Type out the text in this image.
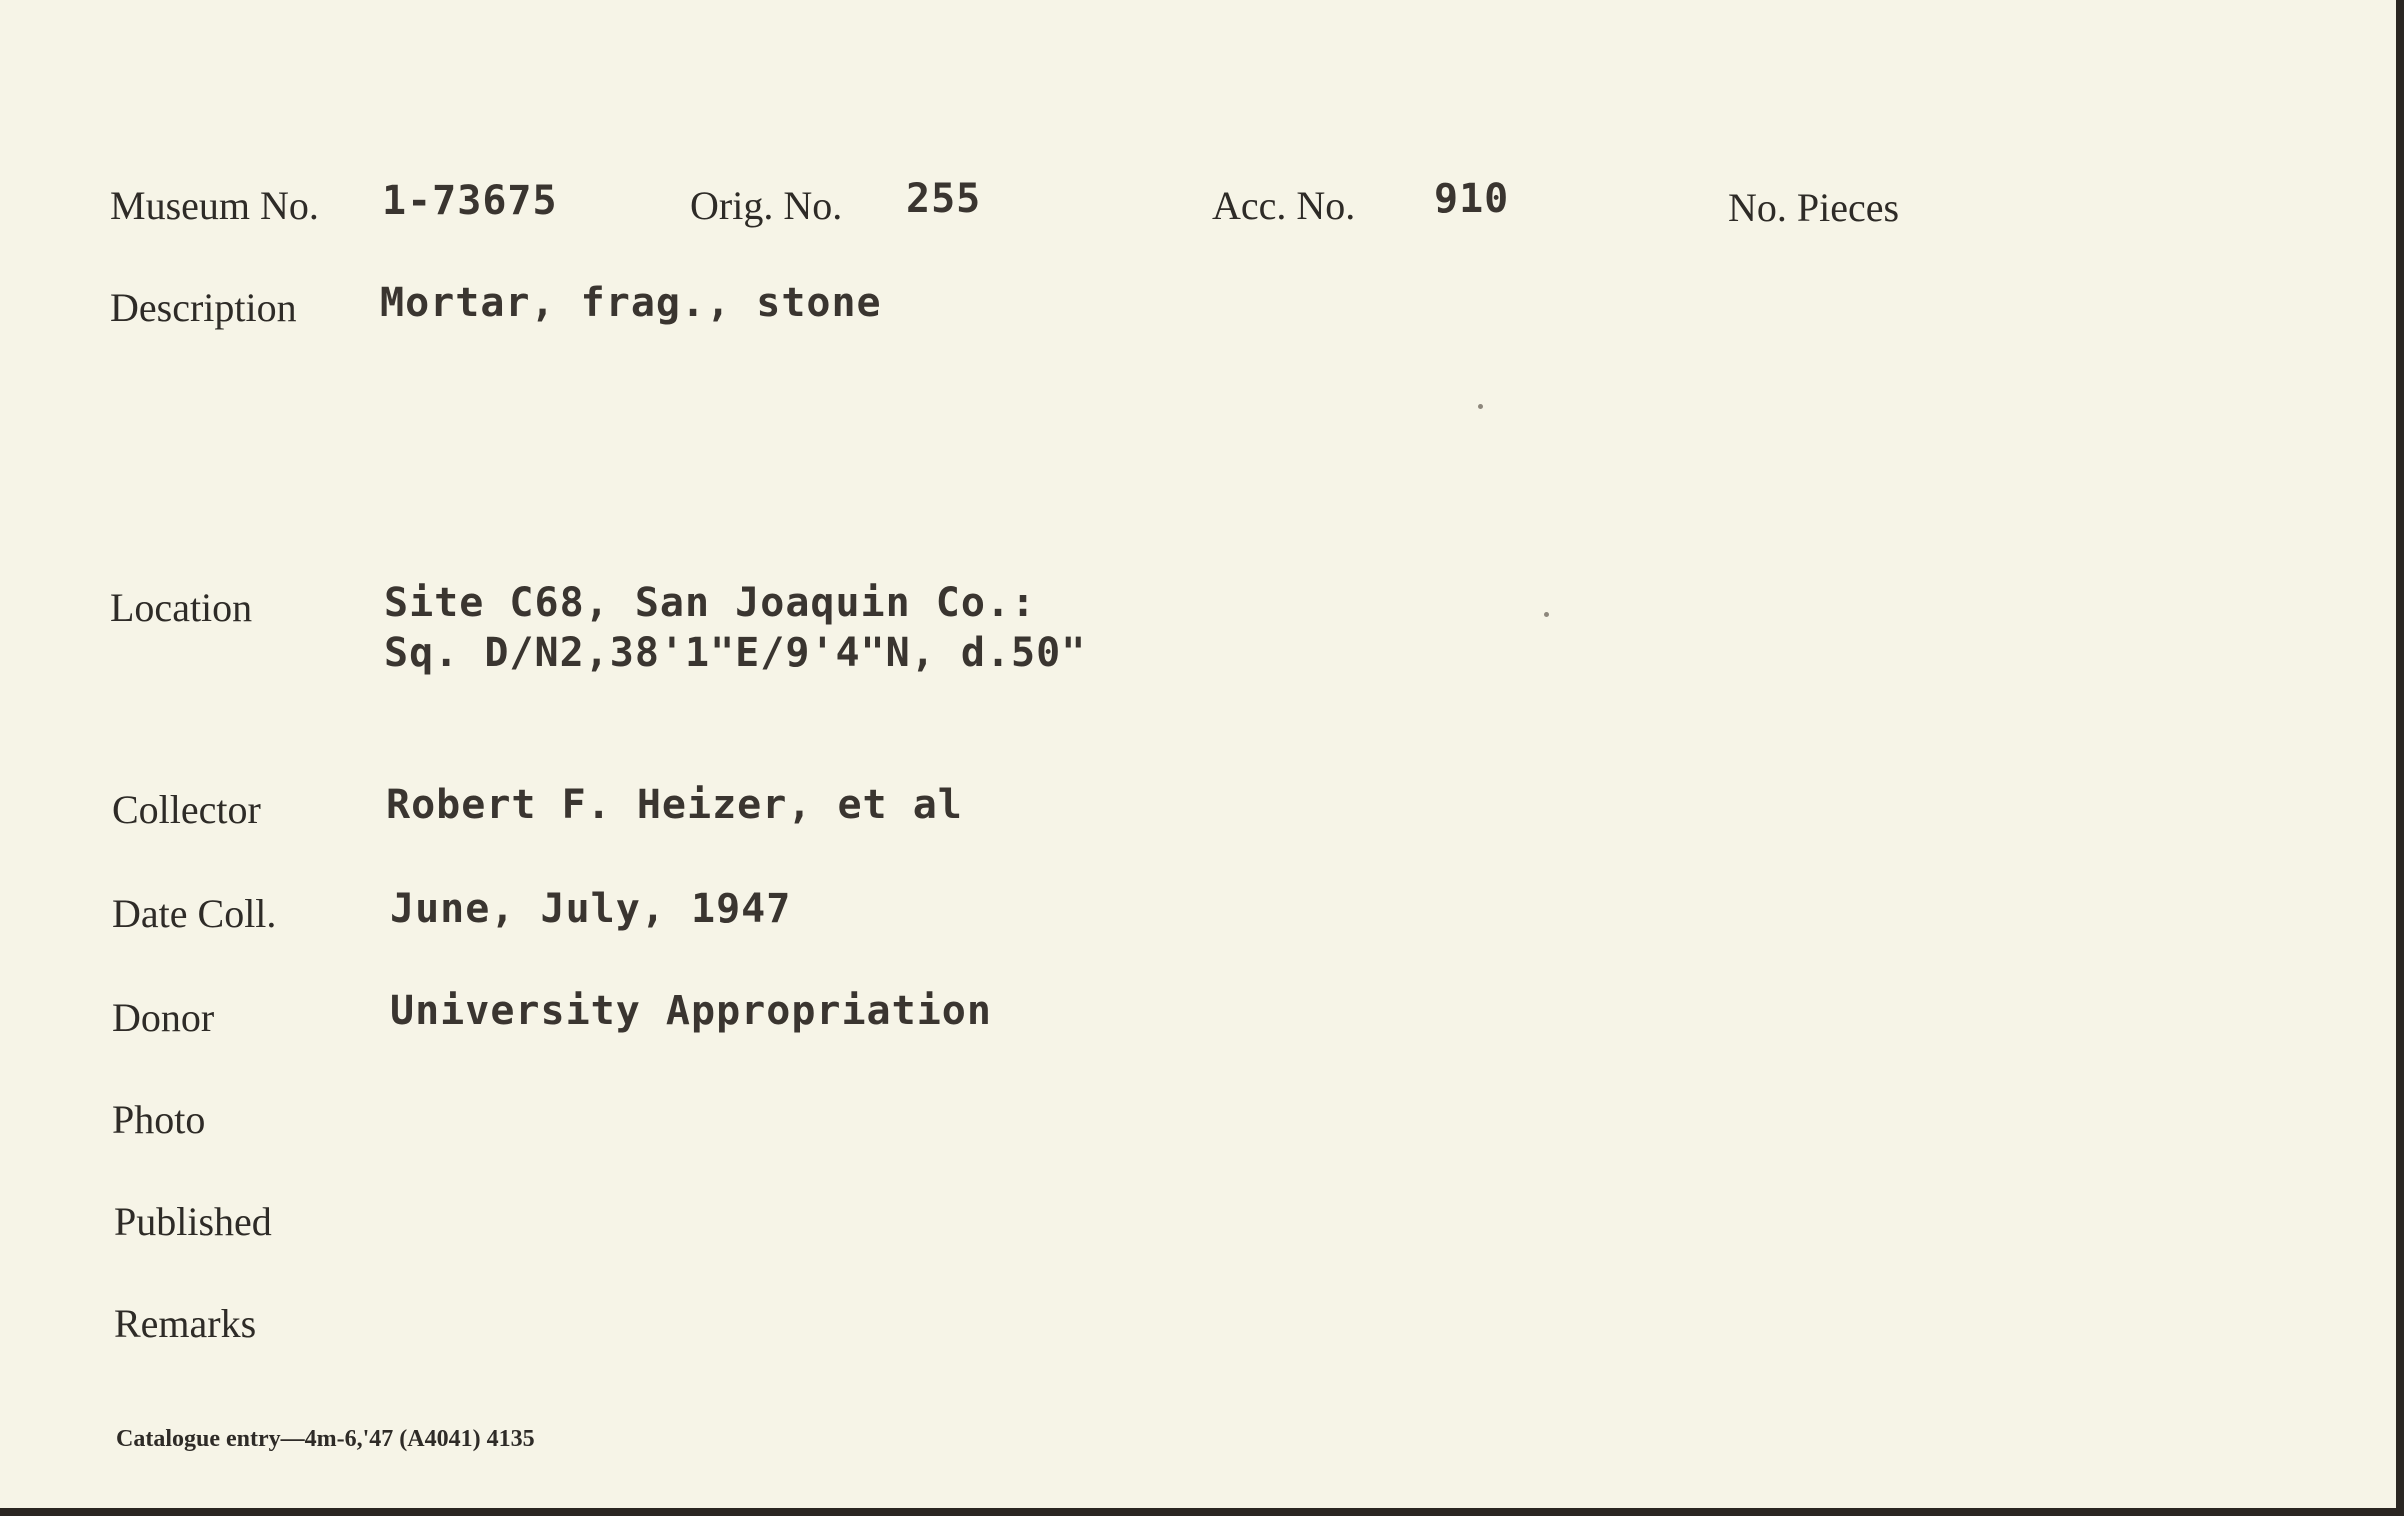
Museum No. 1-73675	Orig. No. 255	Acc. No. 910	No. Pieces
Description Mortar, frag., stone
Location	Site C68, San Joaquin Co.:
Sq. D/N2,38'1"E/9'4"N, d.50"
Collector	Robert F. Heizer, et al
Date Coll.	June, July, 1947
Donor	University Appropriation
Photo
Published
Remarks
Catalogue entry—4m-6,'47 (A4041) 4135
